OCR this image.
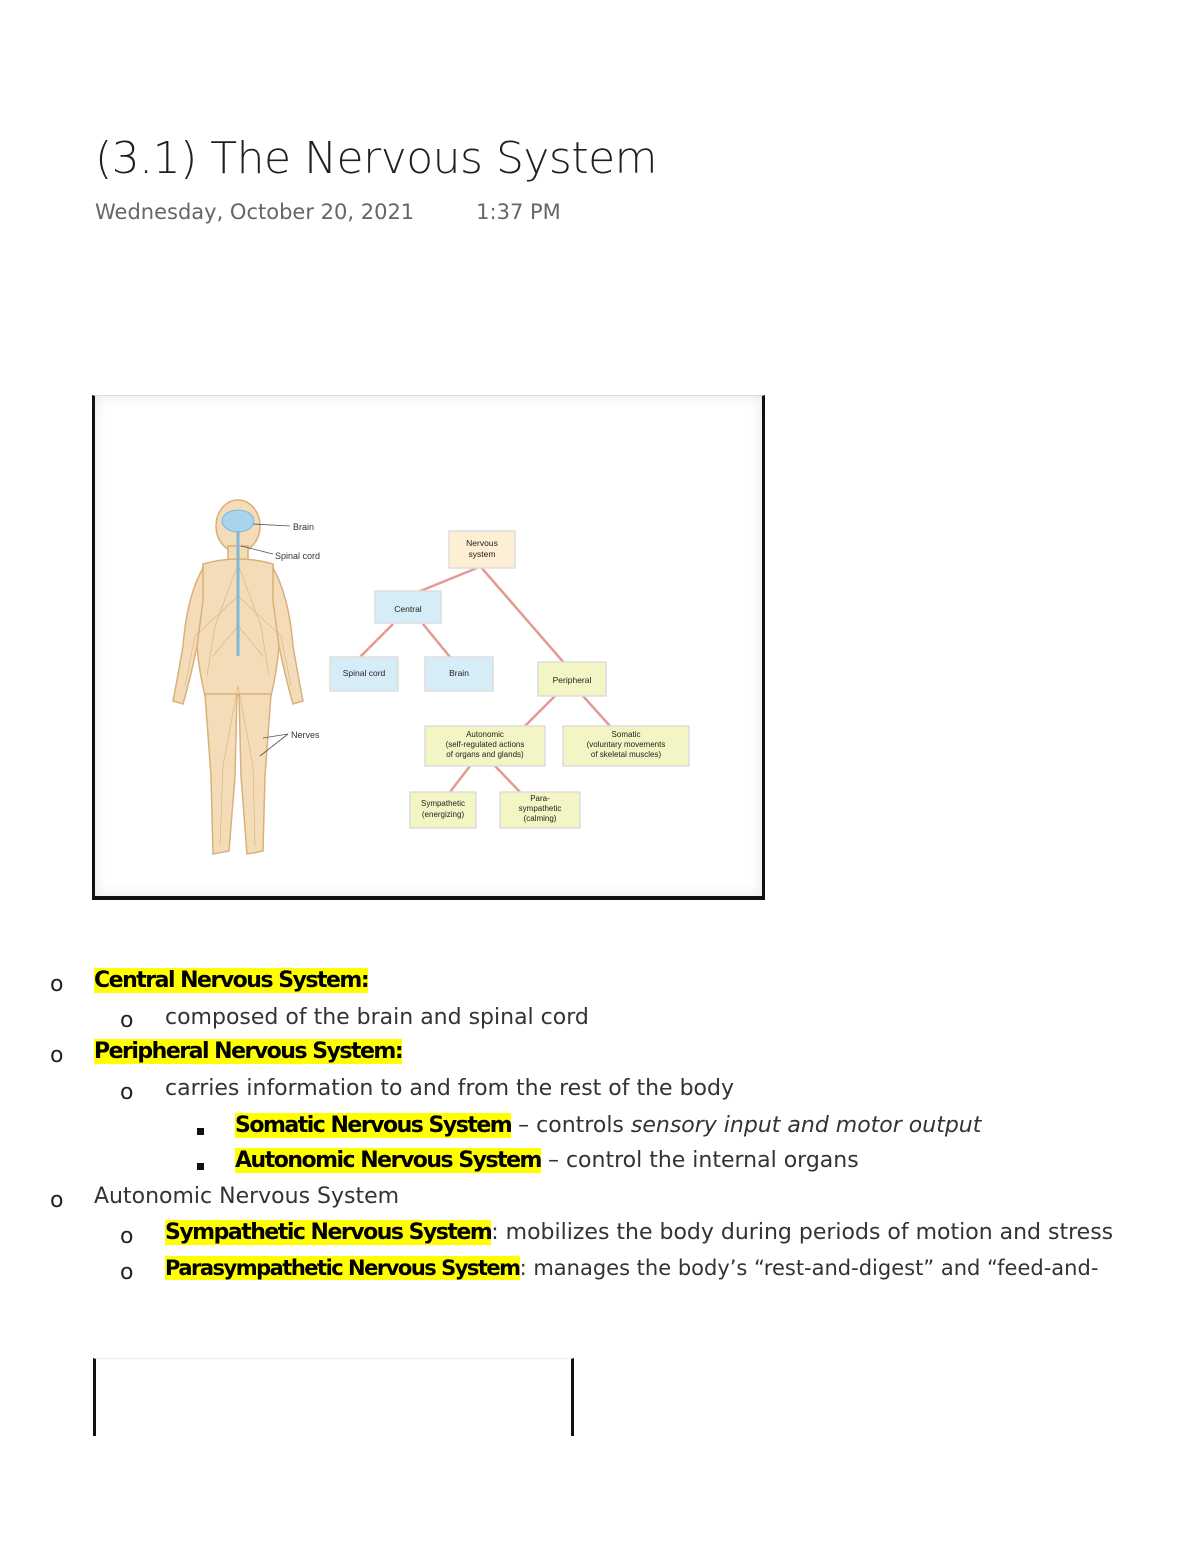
(3.1) The Nervous System
Wednesday, October 20, 2021	1:37 PM
Brain
Spinal cord
Nerves
Nervous
system
Central
Spinal cord	Brain
Peripheral
Autonomic
(self-regulated actions
of organs and glands)
Somatic
(voluntary movements
of skeletal muscles)
Sympathetic
(energizing)
Para-
sympathetic
(calming)
o Central Nervous System:
o composed of the brain and spinal cord
o Peripheral Nervous System:
o carries information to and from the rest of the body
Somatic Nervous System – controls sensory input and motor output
Autonomic Nervous System – control the internal organs
o Autonomic Nervous System
o Sympathetic Nervous System: mobilizes the body during periods of motion and stress
o Parasympathetic Nervous System: manages the body’s “rest-and-digest” and “feed-and-
